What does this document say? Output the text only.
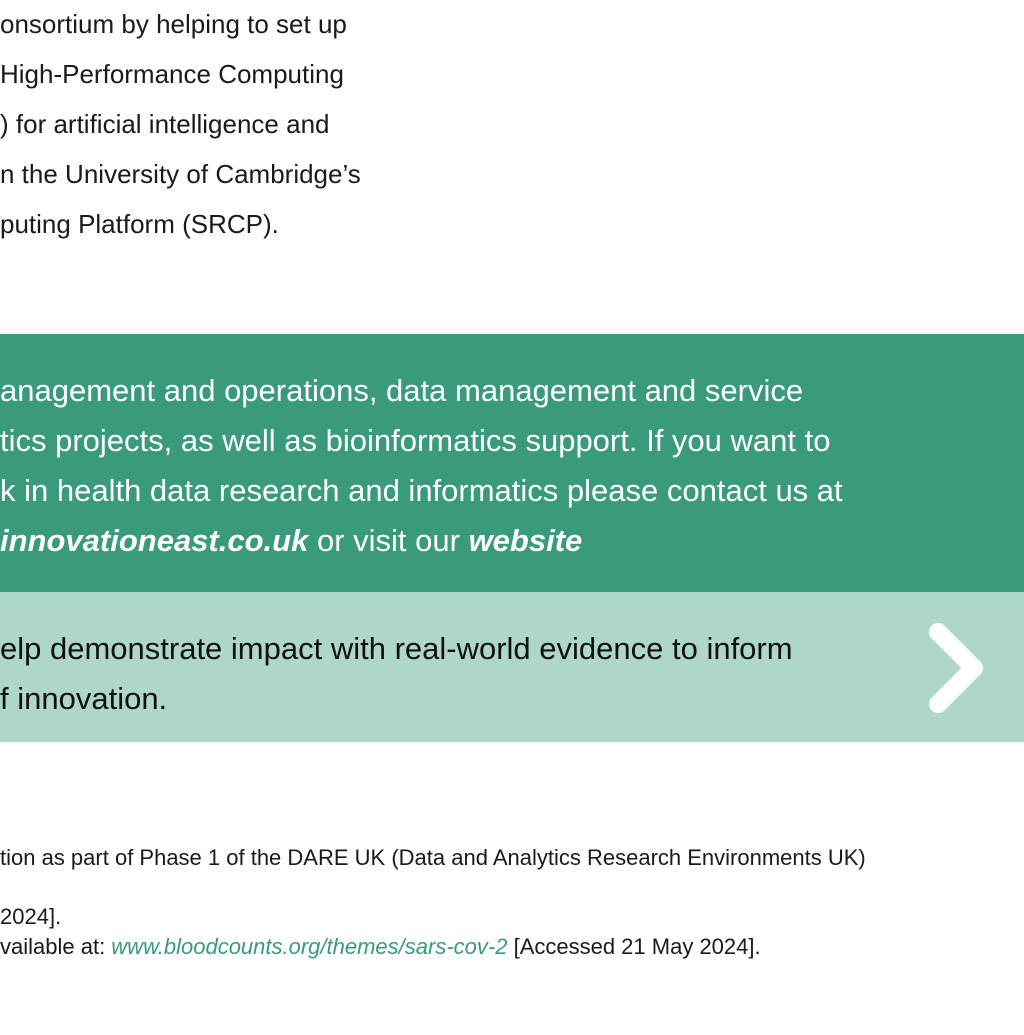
onsortium by helping to set up
High-Performance Computing
) for artificial intelligence and
n the University of Cambridge’s
puting Platform (SRCP).
anagement and operations, data management and service
tics projects, as well as bioinformatics support. If you want to
k in health data research and informatics please contact us at
innovationeast.co.uk or visit our website
elp demonstrate impact with real-world evidence to inform
f innovation.
tion as part of Phase 1 of the DARE UK (Data and Analytics Research Environments UK)
2024].
vailable at: www.bloodcounts.org/themes/sars-cov-2 [Accessed 21 May 2024].
